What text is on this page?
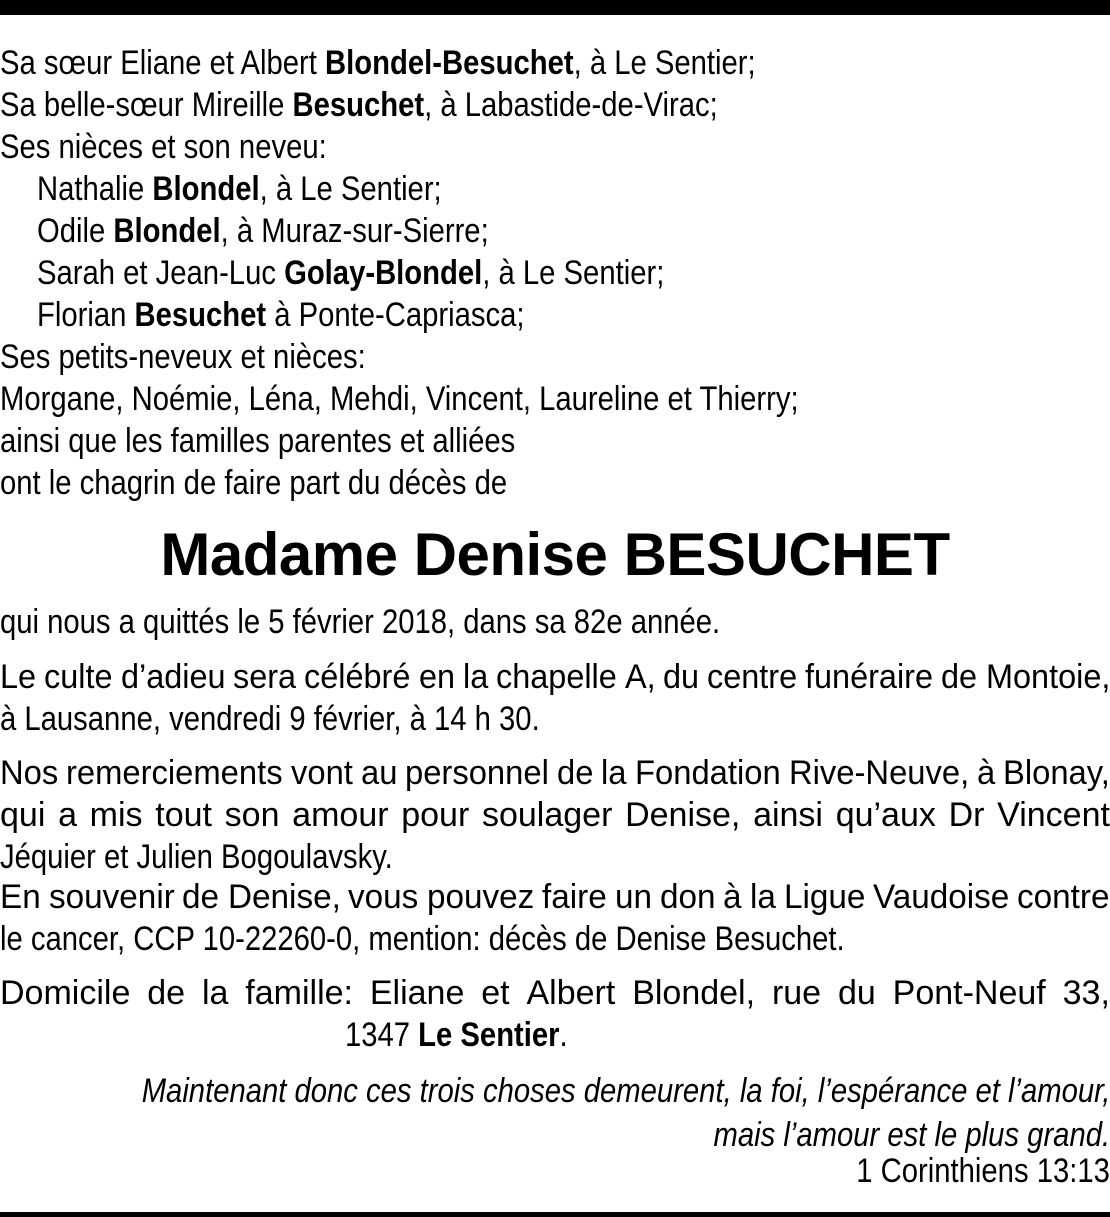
Sa sœur Eliane et Albert Blondel-Besuchet, à Le Sentier;
Sa belle-sœur Mireille Besuchet, à Labastide-de-Virac;
Ses nièces et son neveu:
Nathalie Blondel, à Le Sentier;
Odile Blondel, à Muraz-sur-Sierre;
Sarah et Jean-Luc Golay-Blondel, à Le Sentier;
Florian Besuchet à Ponte-Capriasca;
Ses petits-neveux et nièces:
Morgane, Noémie, Léna, Mehdi, Vincent, Laureline et Thierry;
ainsi que les familles parentes et alliées
ont le chagrin de faire part du décès de
Madame Denise BESUCHET
qui nous a quittés le 5 février 2018, dans sa 82e année.
Le culte d’adieu sera célébré en la chapelle A, du centre funéraire de Montoie,
à Lausanne, vendredi 9 février, à 14 h 30.
Nos remerciements vont au personnel de la Fondation Rive-Neuve, à Blonay,
qui a mis tout son amour pour soulager Denise, ainsi qu’aux Dr Vincent
Jéquier et Julien Bogoulavsky.
En souvenir de Denise, vous pouvez faire un don à la Ligue Vaudoise contre
le cancer, CCP 10-22260-0, mention: décès de Denise Besuchet.
Domicile de la famille: Eliane et Albert Blondel, rue du Pont-Neuf 33,
1347 Le Sentier.
Maintenant donc ces trois choses demeurent, la foi, l’espérance et l’amour,
mais l’amour est le plus grand.
1 Corinthiens 13:13
